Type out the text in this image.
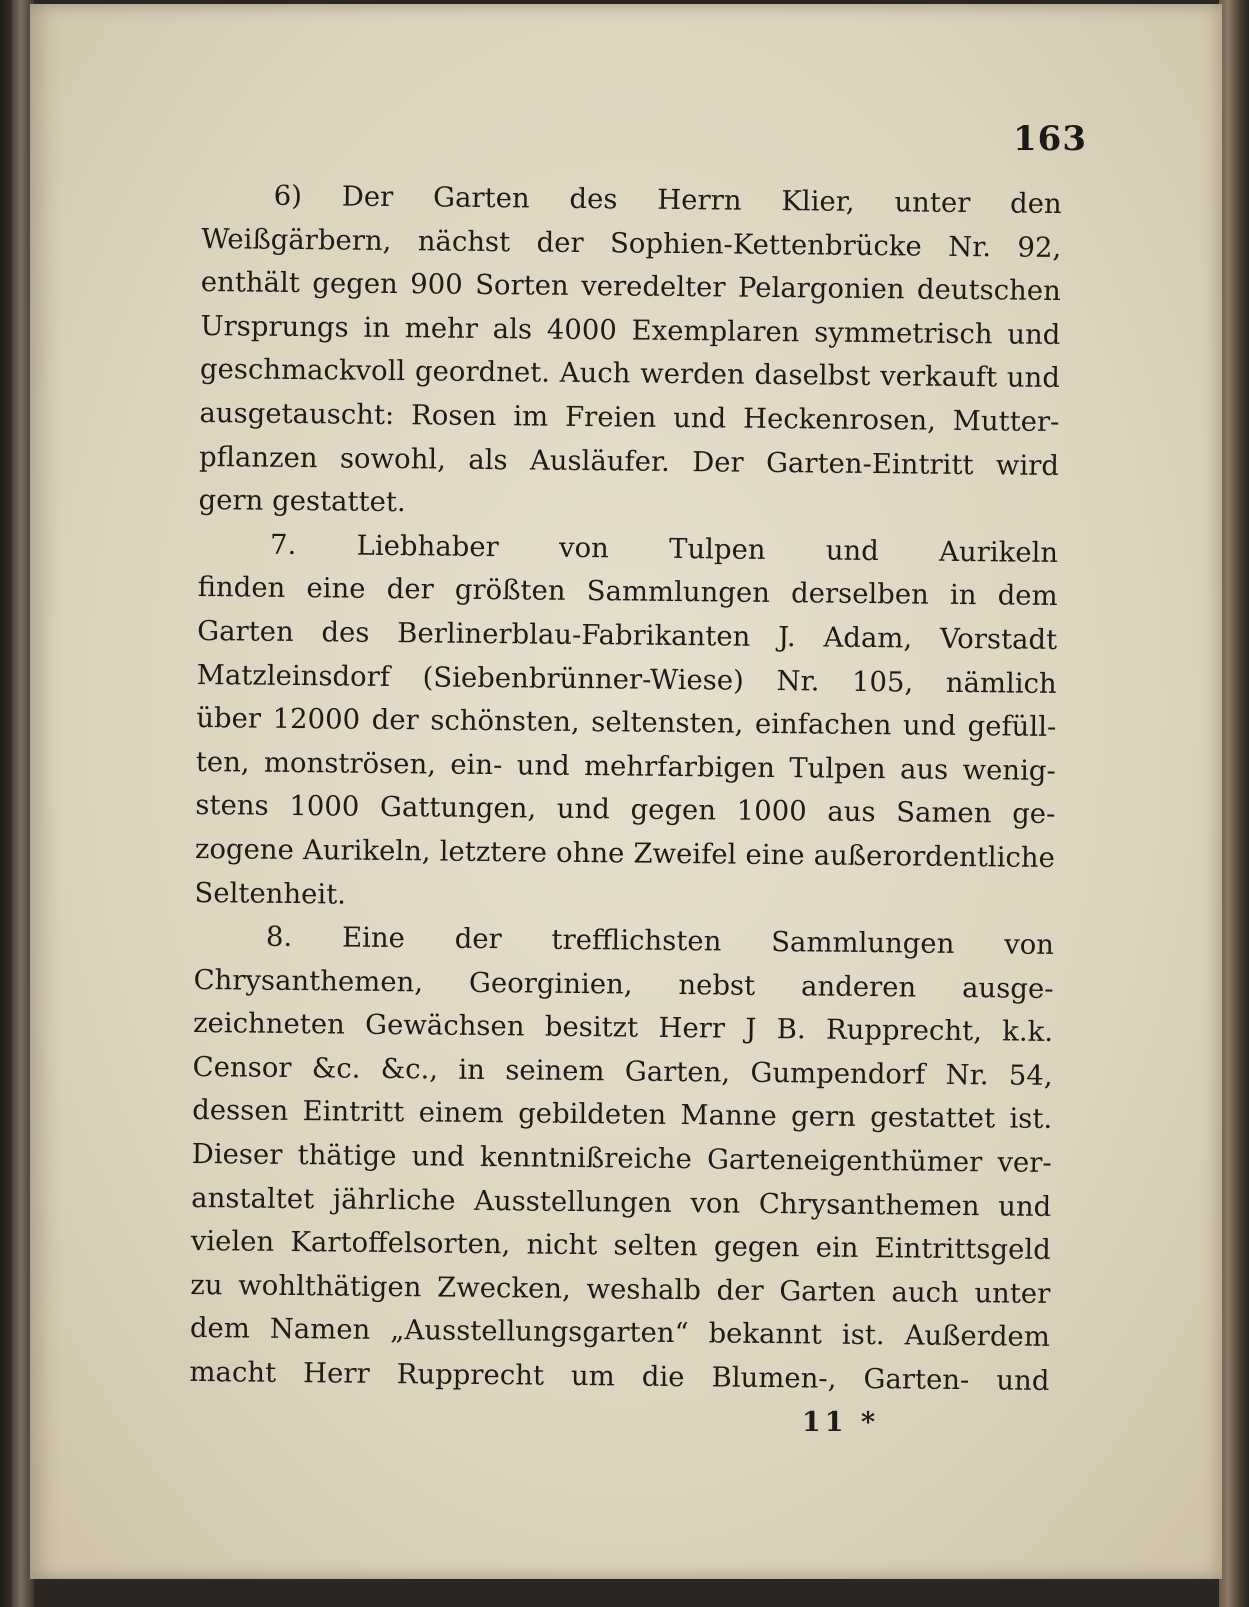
163
6) Der Garten des Herrn Klier, unter den
Weißgärbern, nächst der Sophien-Kettenbrücke Nr. 92,
enthält gegen 900 Sorten veredelter Pelargonien deutschen
Ursprungs in mehr als 4000 Exemplaren symmetrisch und
geschmackvoll geordnet. Auch werden daselbst verkauft und
ausgetauscht: Rosen im Freien und Heckenrosen, Mutter-
pflanzen sowohl, als Ausläufer. Der Garten-Eintritt wird
gern gestattet.
7. Liebhaber von Tulpen und Aurikeln
finden eine der größten Sammlungen derselben in dem
Garten des Berlinerblau-Fabrikanten J. Adam, Vorstadt
Matzleinsdorf (Siebenbrünner-Wiese) Nr. 105, nämlich
über 12000 der schönsten, seltensten, einfachen und gefüll-
ten, monströsen, ein- und mehrfarbigen Tulpen aus wenig-
stens 1000 Gattungen, und gegen 1000 aus Samen ge-
zogene Aurikeln, letztere ohne Zweifel eine außerordentliche
Seltenheit.
8. Eine der trefflichsten Sammlungen von
Chrysanthemen, Georginien, nebst anderen ausge-
zeichneten Gewächsen besitzt Herr J B. Rupprecht, k.k.
Censor &c. &c., in seinem Garten, Gumpendorf Nr. 54,
dessen Eintritt einem gebildeten Manne gern gestattet ist.
Dieser thätige und kenntnißreiche Garteneigenthümer ver-
anstaltet jährliche Ausstellungen von Chrysanthemen und
vielen Kartoffelsorten, nicht selten gegen ein Eintrittsgeld
zu wohlthätigen Zwecken, weshalb der Garten auch unter
dem Namen „Ausstellungsgarten“ bekannt ist. Außerdem
macht Herr Rupprecht um die Blumen-, Garten- und
11 *
